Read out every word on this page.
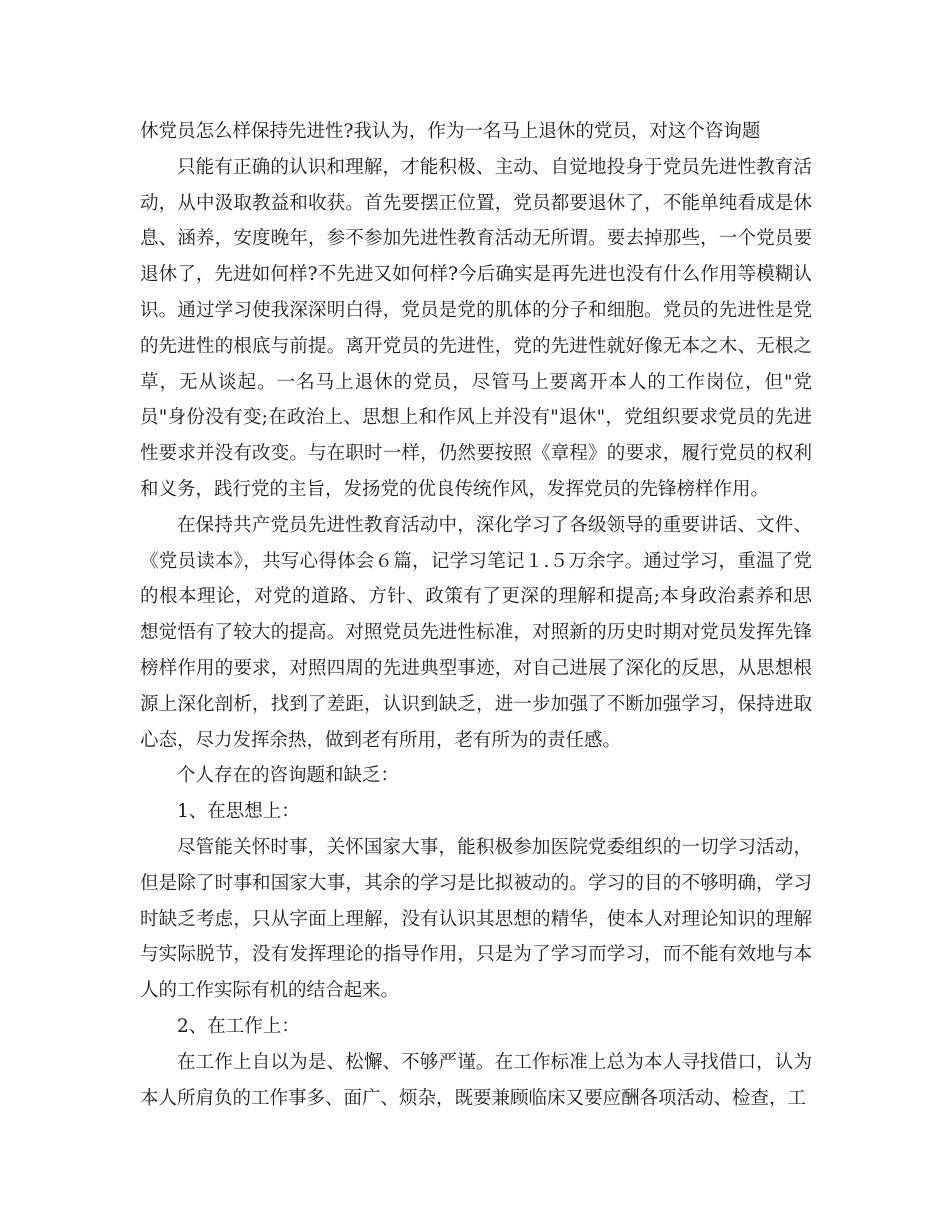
休党员怎么样保持先进性?我认为，作为一名马上退休的党员，对这个咨询题

只能有正确的认识和理解，才能积极、主动、自觉地投身于党员先进性教育活动，从中汲取教益和收获。首先要摆正位置，党员都要退休了，不能单纯看成是休息、涵养，安度晚年，参不参加先进性教育活动无所谓。要去掉那些，一个党员要退休了，先进如何样?不先进又如何样?今后确实是再先进也没有什么作用等模糊认识。通过学习使我深深明白得，党员是党的肌体的分子和细胞。党员的先进性是党的先进性的根底与前提。离开党员的先进性，党的先进性就好像无本之木、无根之草，无从谈起。一名马上退休的党员，尽管马上要离开本人的工作岗位，但"党员"身份没有变;在政治上、思想上和作风上并没有"退休"，党组织要求党员的先进性要求并没有改变。与在职时一样，仍然要按照《章程》的要求，履行党员的权利和义务，践行党的主旨，发扬党的优良传统作风，发挥党员的先锋榜样作用。

在保持共产党员先进性教育活动中，深化学习了各级领导的重要讲话、文件、《党员读本》，共写心得体会６篇，记学习笔记１.５万余字。通过学习，重温了党的根本理论，对党的道路、方针、政策有了更深的理解和提高;本身政治素养和思想觉悟有了较大的提高。对照党员先进性标准，对照新的历史时期对党员发挥先锋榜样作用的要求，对照四周的先进典型事迹，对自己进展了深化的反思，从思想根源上深化剖析，找到了差距，认识到缺乏，进一步加强了不断加强学习，保持进取心态，尽力发挥余热，做到老有所用，老有所为的责任感。

个人存在的咨询题和缺乏：

1、在思想上：

尽管能关怀时事，关怀国家大事，能积极参加医院党委组织的一切学习活动，但是除了时事和国家大事，其余的学习是比拟被动的。学习的目的不够明确，学习时缺乏考虑，只从字面上理解，没有认识其思想的精华，使本人对理论知识的理解与实际脱节，没有发挥理论的指导作用，只是为了学习而学习，而不能有效地与本人的工作实际有机的结合起来。

2、在工作上：

在工作上自以为是、松懈、不够严谨。在工作标准上总为本人寻找借口，认为本人所肩负的工作事多、面广、烦杂，既要兼顾临床又要应酬各项活动、检查，工
